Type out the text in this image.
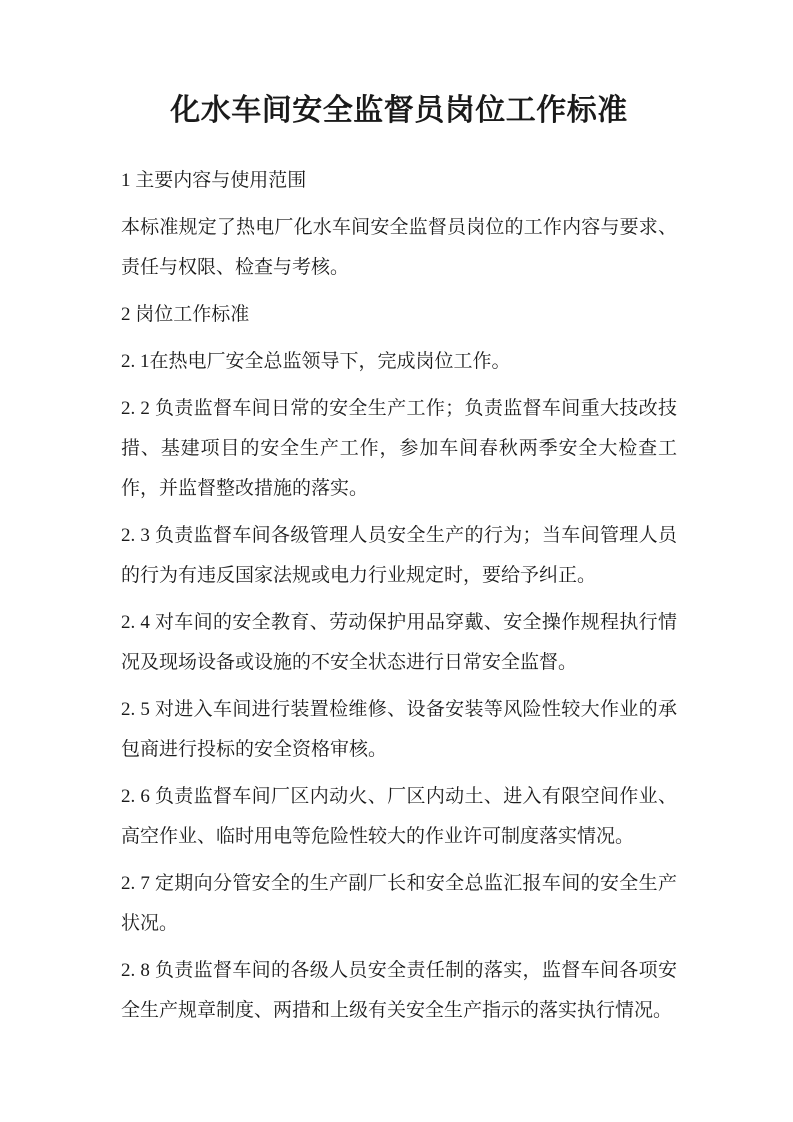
化水车间安全监督员岗位工作标准

1 主要内容与使用范围

本标准规定了热电厂化水车间安全监督员岗位的工作内容与要求、责任与权限、检查与考核。

2 岗位工作标准

2. 1在热电厂安全总监领导下，完成岗位工作。

2. 2 负责监督车间日常的安全生产工作；负责监督车间重大技改技措、基建项目的安全生产工作，参加车间春秋两季安全大检查工作，并监督整改措施的落实。

2. 3 负责监督车间各级管理人员安全生产的行为；当车间管理人员的行为有违反国家法规或电力行业规定时，要给予纠正。

2. 4 对车间的安全教育、劳动保护用品穿戴、安全操作规程执行情况及现场设备或设施的不安全状态进行日常安全监督。

2. 5 对进入车间进行装置检维修、设备安装等风险性较大作业的承包商进行投标的安全资格审核。

2. 6 负责监督车间厂区内动火、厂区内动土、进入有限空间作业、高空作业、临时用电等危险性较大的作业许可制度落实情况。

2. 7 定期向分管安全的生产副厂长和安全总监汇报车间的安全生产状况。

2. 8 负责监督车间的各级人员安全责任制的落实，监督车间各项安全生产规章制度、两措和上级有关安全生产指示的落实执行情况。
